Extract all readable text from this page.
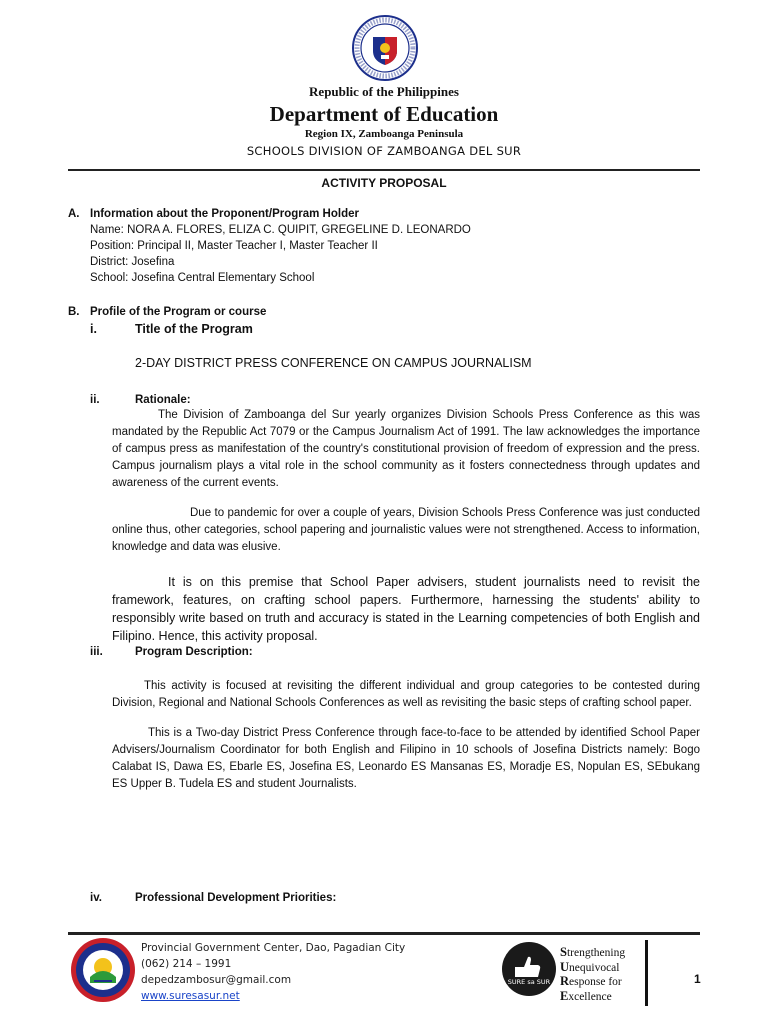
Republic of the Philippines
Department of Education
Region IX, Zamboanga Peninsula
SCHOOLS DIVISION OF ZAMBOANGA DEL SUR
ACTIVITY PROPOSAL
A. Information about the Proponent/Program Holder
Name: NORA A. FLORES, ELIZA C. QUIPIT, GREGELINE D. LEONARDO
Position: Principal II, Master Teacher I, Master Teacher II
District: Josefina
School: Josefina Central Elementary School
B. Profile of the Program or course
i.	Title of the Program
2-DAY DISTRICT PRESS CONFERENCE ON CAMPUS JOURNALISM
ii.	Rationale:
The Division of Zamboanga del Sur yearly organizes Division Schools Press Conference as this was mandated by the Republic Act 7079 or the Campus Journalism Act of 1991. The law acknowledges the importance of campus press as manifestation of the country's constitutional provision of freedom of expression and the press. Campus journalism plays a vital role in the school community as it fosters connectedness through updates and awareness of the current events.
Due to pandemic for over a couple of years, Division Schools Press Conference was just conducted online thus, other categories, school papering and journalistic values were not strengthened. Access to information, knowledge and data was elusive.
It is on this premise that School Paper advisers, student journalists need to revisit the framework, features, on crafting school papers. Furthermore, harnessing the students' ability to responsibly write based on truth and accuracy is stated in the Learning competencies of both English and Filipino. Hence, this activity proposal.
iii.	Program Description:
This activity is focused at revisiting the different individual and group categories to be contested during Division, Regional and National Schools Conferences as well as revisiting the basic steps of crafting school paper.
This is a Two-day District Press Conference through face-to-face to be attended by identified School Paper Advisers/Journalism Coordinator for both English and Filipino in 10 schools of Josefina Districts namely: Bogo Calabat IS, Dawa ES, Ebarle ES, Josefina ES, Leonardo ES Mansanas ES, Moradje ES, Nopulan ES, SEbukang ES Upper B. Tudela ES and student Journalists.
iv.	Professional Development Priorities:
Provincial Government Center, Dao, Pagadian City
(062) 214 – 1991
depedzambosur@gmail.com
www.suresasur.net
SURE sa SUR
Strengthening
Unequivocal
Response for
Excellence
1
